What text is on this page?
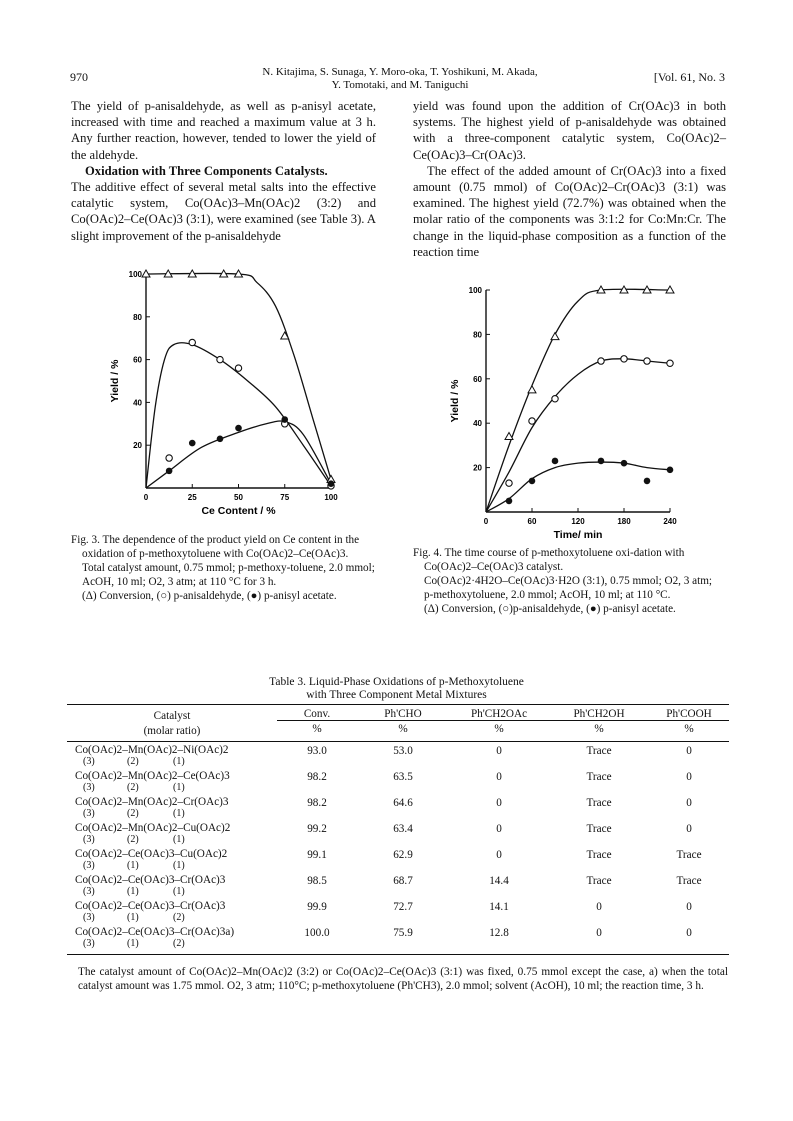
970	N. Kitajima, S. Sunaga, Y. Moro-oka, T. Yoshikuni, M. Akada,
Y. Tomotaki, and M. Taniguchi
[Vol. 61, No. 3

The yield of p-anisaldehyde, as well as p-anisyl acetate, increased with time and reached a maximum value at 3 h. Any further reaction, however, tended to lower the yield of the aldehyde.

Oxidation with Three Components Catalysts.

The additive effect of several metal salts into the effective catalytic system, Co(OAc)3–Mn(OAc)2 (3:2) and Co(OAc)2–Ce(OAc)3 (3:1), were examined (see Table 3). A slight improvement of the p-anisaldehyde

yield was found upon the addition of Cr(OAc)3 in both systems. The highest yield of p-anisaldehyde was obtained with a three-component catalytic system, Co(OAc)2–Ce(OAc)3–Cr(OAc)3.

The effect of the added amount of Cr(OAc)3 into a fixed amount (0.75 mmol) of Co(OAc)2–Cr(OAc)3 (3:1) was examined. The highest yield (72.7%) was obtained when the molar ratio of the components was 3:1:2 for Co:Mn:Cr. The change in the liquid-phase composition as a function of the reaction time

0	25	50	75	100
20
40
60
80
100
Ce Content / %
Yield / %
0	60	120	180	240
20
40
60
80
100
Time/ min
Yield / %

Fig. 3. The dependence of the product yield on Ce content in the oxidation of p-methoxytoluene with Co(OAc)2–Ce(OAc)3.

Total catalyst amount, 0.75 mmol; p-methoxy-toluene, 2.0 mmol; AcOH, 10 ml; O2, 3 atm; at 110 °C for 3 h.

(Δ) Conversion, (○) p-anisaldehyde, (●) p-anisyl acetate.

Fig. 4. The time course of p-methoxytoluene oxi-dation with Co(OAc)2–Ce(OAc)3 catalyst.

Co(OAc)2·4H2O–Ce(OAc)3·H2O (3:1), 0.75 mmol; O2, 3 atm; p-methoxytoluene, 2.0 mmol; AcOH, 10 ml; at 110 °C.

(Δ) Conversion, (○)p-anisaldehyde, (●) p-anisyl acetate.

Table 3. Liquid-Phase Oxidations of p-Methoxytoluene
with Three Component Metal Mixtures
Catalyst
(molar ratio)	Conv.	Ph'CHO	Ph'CH2OAc	Ph'CH2OH	Ph'COOH
	%	%	%	%	%

Co(OAc)2–Mn(OAc)2–Ni(OAc)2
(3) (2) (1)	93.0	53.0	0	Trace	0

Co(OAc)2–Mn(OAc)2–Ce(OAc)3
(3) (2) (1)	98.2	63.5	0	Trace	0

Co(OAc)2–Mn(OAc)2–Cr(OAc)3
(3) (2) (1)	98.2	64.6	0	Trace	0

Co(OAc)2–Mn(OAc)2–Cu(OAc)2
(3) (2) (1)	99.2	63.4	0	Trace	0

Co(OAc)2–Ce(OAc)3–Cu(OAc)2
(3) (1) (1)	99.1	62.9	0	Trace	Trace

Co(OAc)2–Ce(OAc)3–Cr(OAc)3
(3) (1) (1)	98.5	68.7	14.4	Trace	Trace

Co(OAc)2–Ce(OAc)3–Cr(OAc)3
(3) (1) (2)	99.9	72.7	14.1	0	0

Co(OAc)2–Ce(OAc)3–Cr(OAc)3a)
(3) (1) (2)	100.0	75.9	12.8	0	0
The catalyst amount of Co(OAc)2–Mn(OAc)2 (3:2) or Co(OAc)2–Ce(OAc)3 (3:1) was fixed, 0.75 mmol except the case, a) when the total catalyst amount was 1.75 mmol. O2, 3 atm; 110°C; p-methoxytoluene (Ph'CH3), 2.0 mmol; solvent (AcOH), 10 ml; the reaction time, 3 h.
